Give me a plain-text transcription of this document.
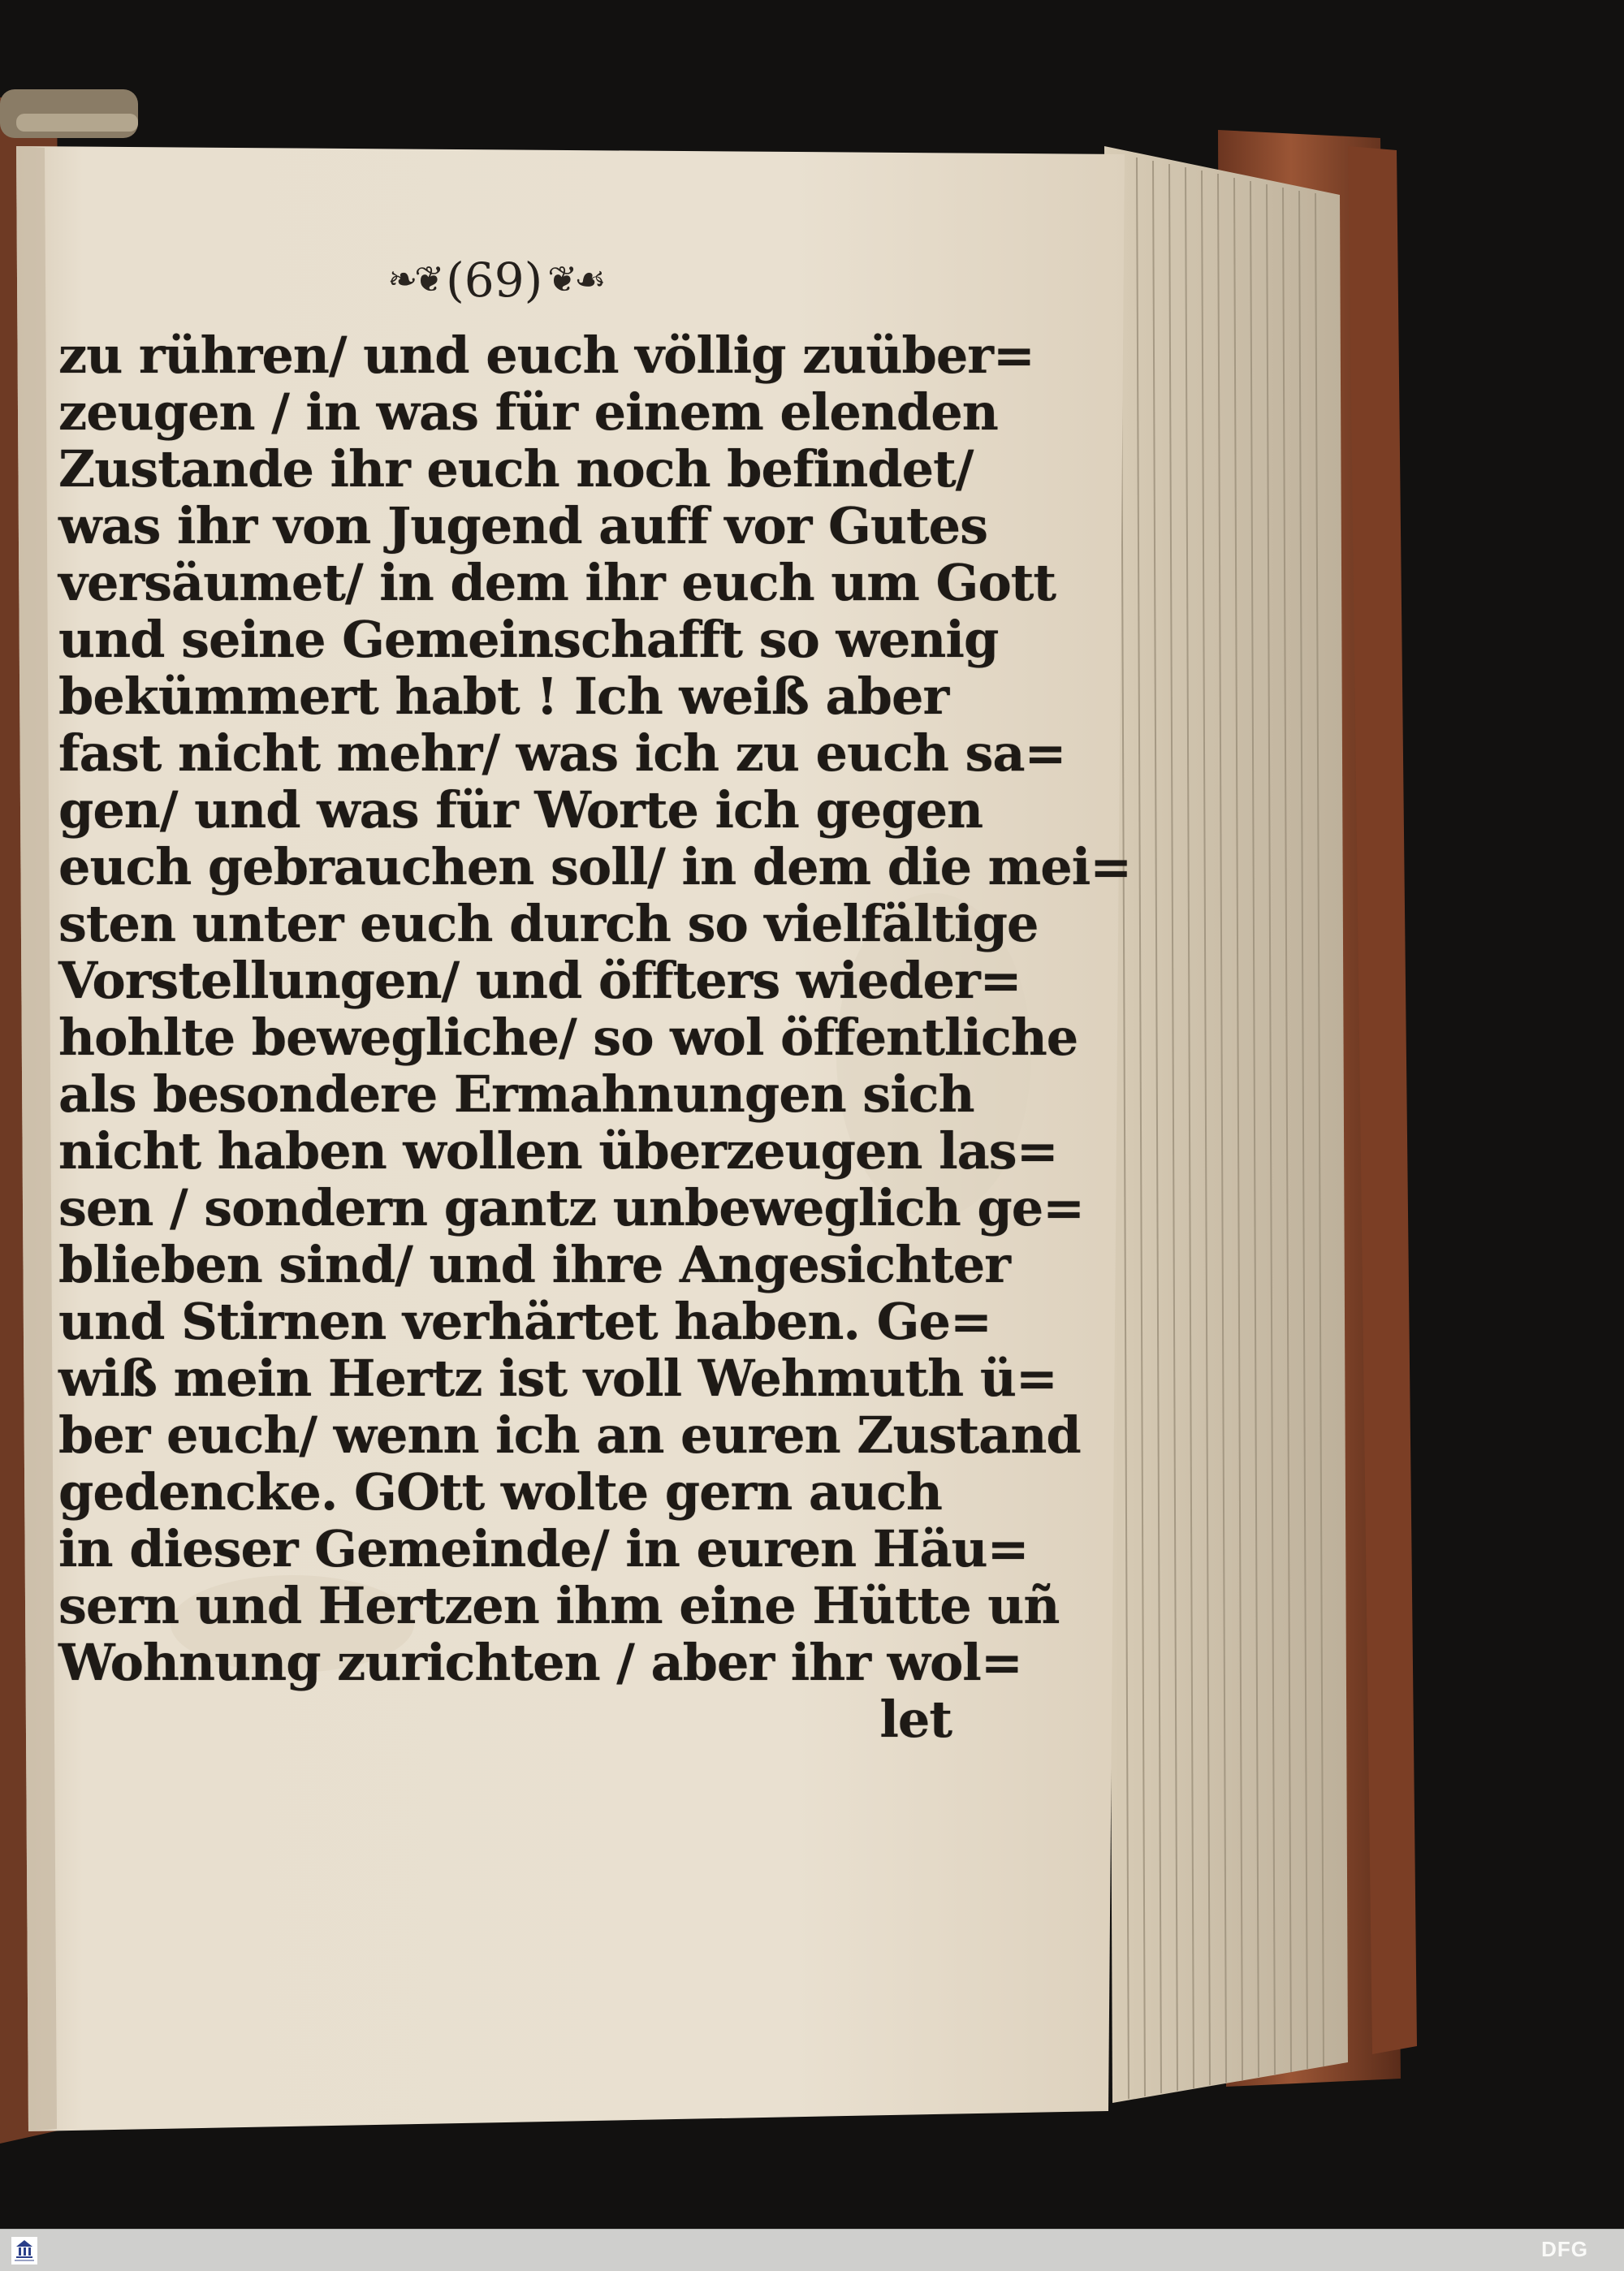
❧❦ (69) ❦☙
zu rühren/ und euch völlig zuüber=
zeugen / in was für einem elenden
Zustande ihr euch noch befindet/
was ihr von Jugend auff vor Gutes
versäumet/ in dem ihr euch um Gott
und seine Gemeinschafft so wenig
bekümmert habt ! Ich weiß aber
fast nicht mehr/ was ich zu euch sa=
gen/ und was für Worte ich gegen
euch gebrauchen soll/ in dem die mei=
sten unter euch durch so vielfältige
Vorstellungen/ und öffters wieder=
hohlte bewegliche/ so wol öffentliche
als besondere Ermahnungen sich
nicht haben wollen überzeugen las=
sen / sondern gantz unbeweglich ge=
blieben sind/ und ihre Angesichter
und Stirnen verhärtet haben. Ge=
wiß mein Hertz ist voll Wehmuth ü=
ber euch/ wenn ich an euren Zustand
gedencke. GOtt wolte gern auch
in dieser Gemeinde/ in euren Häu=
sern und Hertzen ihm eine Hütte uñ
Wohnung zurichten / aber ihr wol=
let
DFG
